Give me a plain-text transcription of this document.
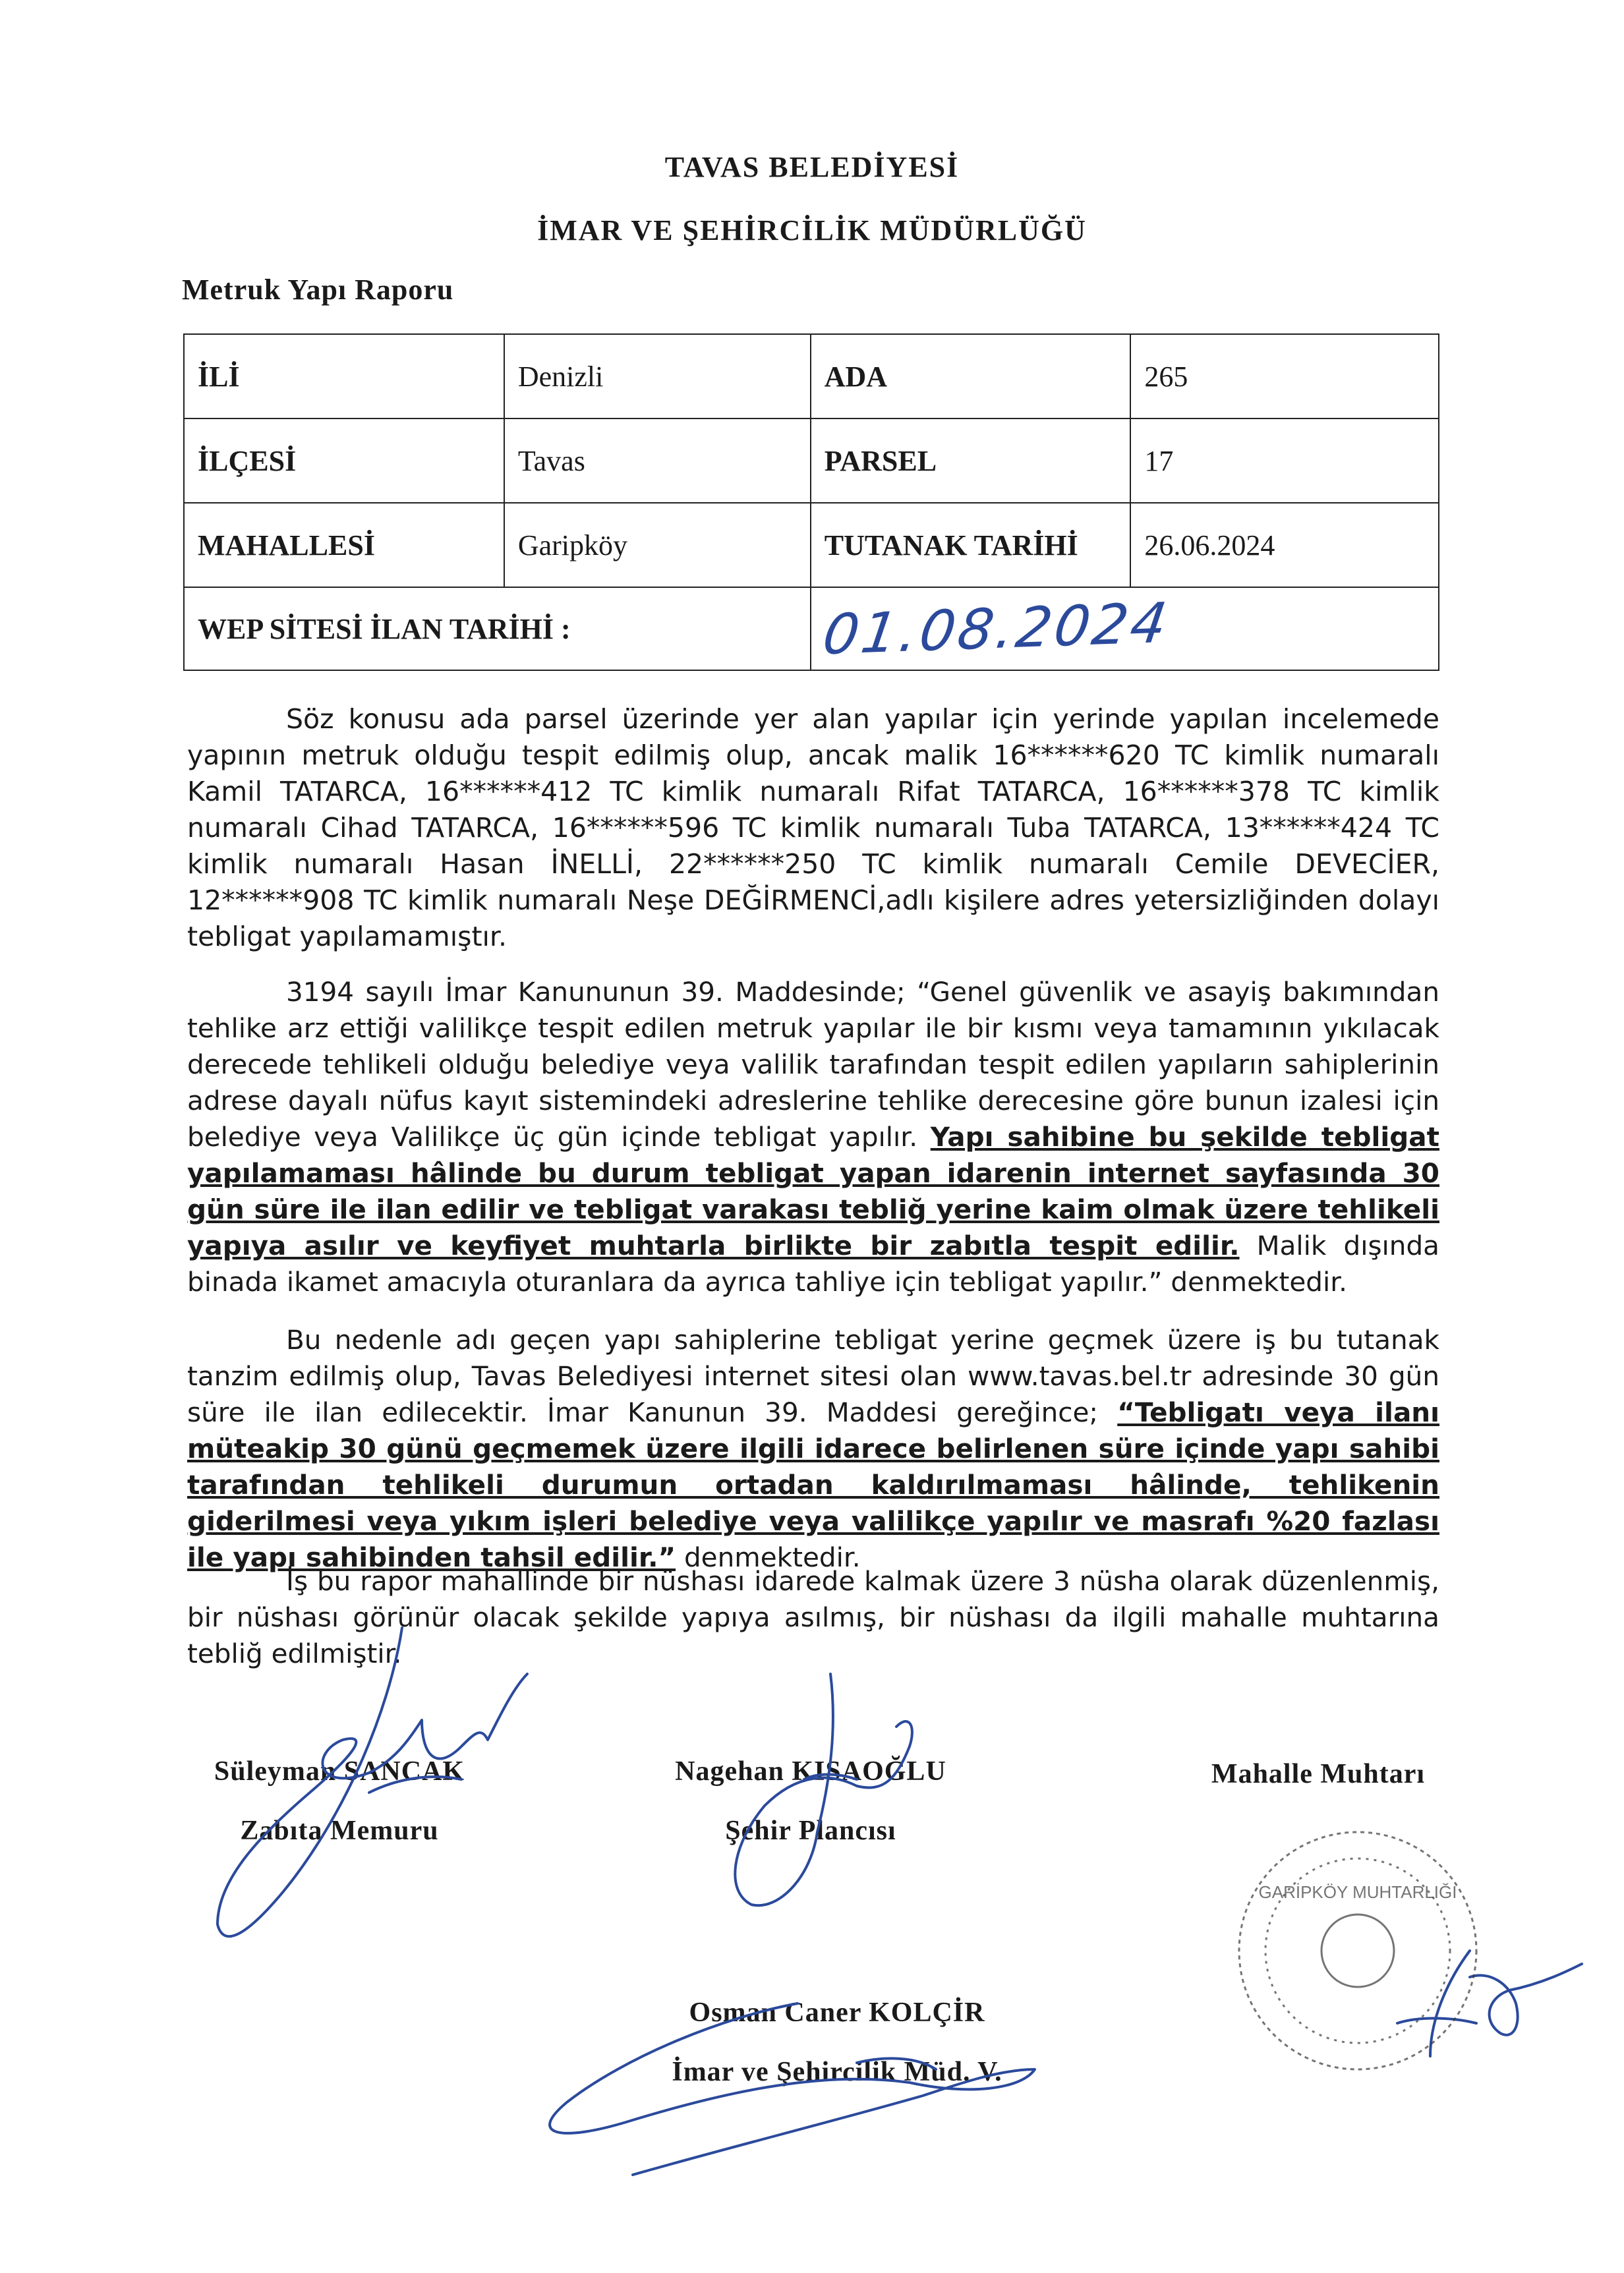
TAVAS BELEDİYESİ
İMAR VE ŞEHİRCİLİK MÜDÜRLÜĞÜ
Metruk Yapı Raporu
İLİ	Denizli	ADA	265
İLÇESİ	Tavas	PARSEL	17
MAHALLESİ	Garipköy	TUTANAK TARİHİ	26.06.2024
WEP SİTESİ İLAN TARİHİ :		01.08.2024	
Söz konusu ada parsel üzerinde yer alan yapılar için yerinde yapılan incelemede yapının metruk olduğu tespit edilmiş olup, ancak malik 16******620 TC kimlik numaralı Kamil TATARCA, 16******412 TC kimlik numaralı Rifat TATARCA, 16******378 TC kimlik numaralı Cihad TATARCA, 16******596 TC kimlik numaralı Tuba TATARCA, 13******424 TC kimlik numaralı Hasan İNELLİ, 22******250 TC kimlik numaralı Cemile DEVECİER, 12******908 TC kimlik numaralı Neşe DEĞİRMENCİ,adlı kişilere adres yetersizliğinden dolayı tebligat yapılamamıştır.
3194 sayılı İmar Kanununun 39. Maddesinde; “Genel güvenlik ve asayiş bakımından tehlike arz ettiği valilikçe tespit edilen metruk yapılar ile bir kısmı veya tamamının yıkılacak derecede tehlikeli olduğu belediye veya valilik tarafından tespit edilen yapıların sahiplerinin adrese dayalı nüfus kayıt sistemindeki adreslerine tehlike derecesine göre bunun izalesi için belediye veya Valilikçe üç gün içinde tebligat yapılır. Yapı sahibine bu şekilde tebligat yapılamaması hâlinde bu durum tebligat yapan idarenin internet sayfasında 30 gün süre ile ilan edilir ve tebligat varakası tebliğ yerine kaim olmak üzere tehlikeli yapıya asılır ve keyfiyet muhtarla birlikte bir zabıtla tespit edilir. Malik dışında binada ikamet amacıyla oturanlara da ayrıca tahliye için tebligat yapılır.” denmektedir.
Bu nedenle adı geçen yapı sahiplerine tebligat yerine geçmek üzere iş bu tutanak tanzim edilmiş olup, Tavas Belediyesi internet sitesi olan www.tavas.bel.tr adresinde 30 gün süre ile ilan edilecektir. İmar Kanunun 39. Maddesi gereğince; “Tebligatı veya ilanı müteakip 30 günü geçmemek üzere ilgili idarece belirlenen süre içinde yapı sahibi tarafından tehlikeli durumun ortadan kaldırılmaması hâlinde, tehlikenin giderilmesi veya yıkım işleri belediye veya valilikçe yapılır ve masrafı %20 fazlası ile yapı sahibinden tahsil edilir.” denmektedir.
İş bu rapor mahallinde bir nüshası idarede kalmak üzere 3 nüsha olarak düzenlenmiş, bir nüshası görünür olacak şekilde yapıya asılmış, bir nüshası da ilgili mahalle muhtarına tebliğ edilmiştir.
Süleyman SANCAK
Zabıta Memuru
Nagehan KISAOĞLU
Şehir Plancısı
Mahalle Muhtarı
Osman Caner KOLÇİR
İmar ve Şehircilik Müd. V.
GARİPKÖY MUHTARLIĞI
